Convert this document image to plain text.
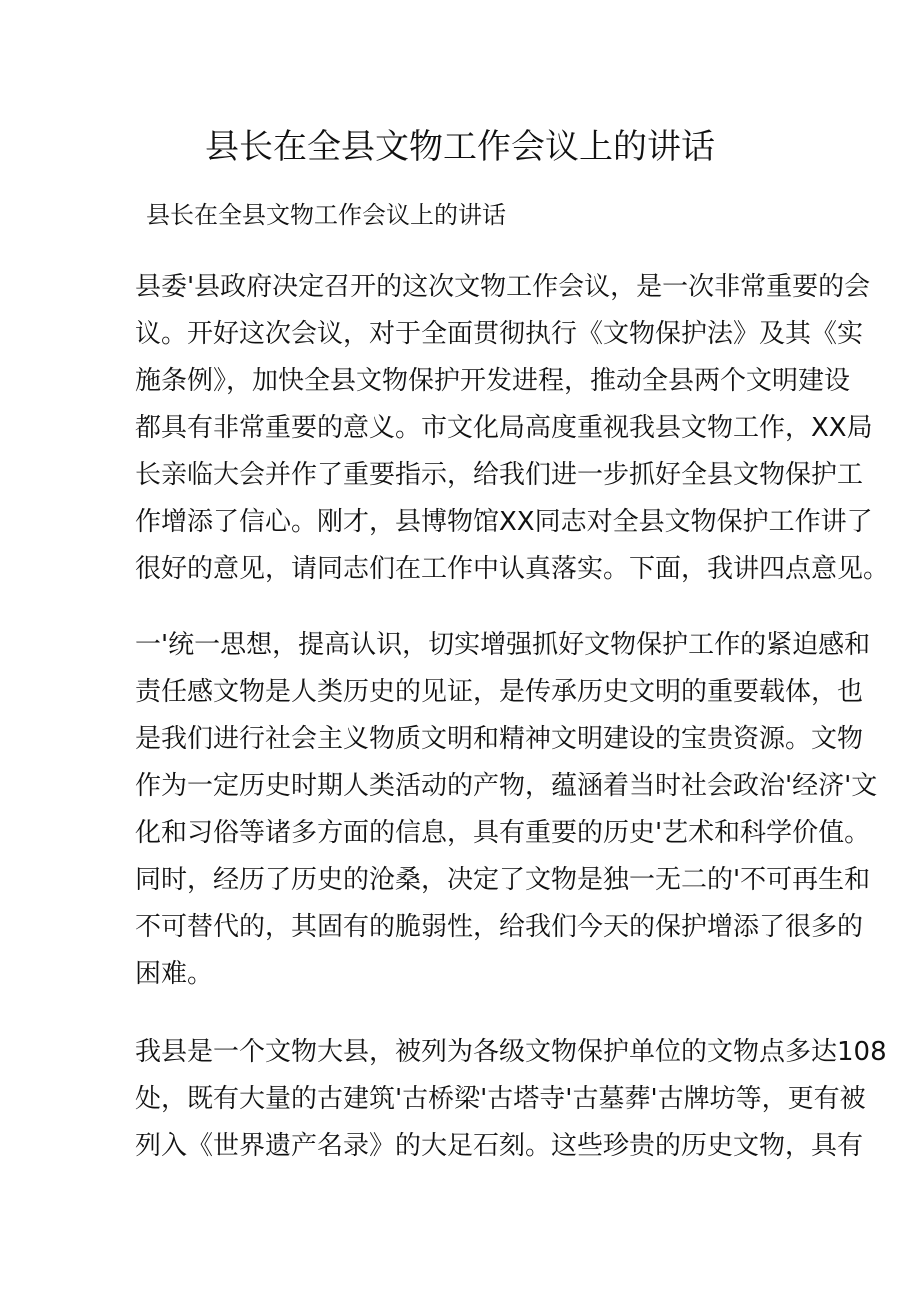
县长在全县文物工作会议上的讲话

县长在全县文物工作会议上的讲话

县委'县政府决定召开的这次文物工作会议，是一次非常重要的会
议。开好这次会议，对于全面贯彻执行《文物保护法》及其《实
施条例》，加快全县文物保护开发进程，推动全县两个文明建设
都具有非常重要的意义。市文化局高度重视我县文物工作，XX局
长亲临大会并作了重要指示，给我们进一步抓好全县文物保护工
作增添了信心。刚才，县博物馆XX同志对全县文物保护工作讲了
很好的意见，请同志们在工作中认真落实。下面，我讲四点意见。
一'统一思想，提高认识，切实增强抓好文物保护工作的紧迫感和
责任感文物是人类历史的见证，是传承历史文明的重要载体，也
是我们进行社会主义物质文明和精神文明建设的宝贵资源。文物
作为一定历史时期人类活动的产物，蕴涵着当时社会政治'经济'文
化和习俗等诸多方面的信息，具有重要的历史'艺术和科学价值。
同时，经历了历史的沧桑，决定了文物是独一无二的'不可再生和
不可替代的，其固有的脆弱性，给我们今天的保护增添了很多的
困难。
我县是一个文物大县，被列为各级文物保护单位的文物点多达108
处，既有大量的古建筑'古桥梁'古塔寺'古墓葬'古牌坊等，更有被
列入《世界遗产名录》的大足石刻。这些珍贵的历史文物，具有
